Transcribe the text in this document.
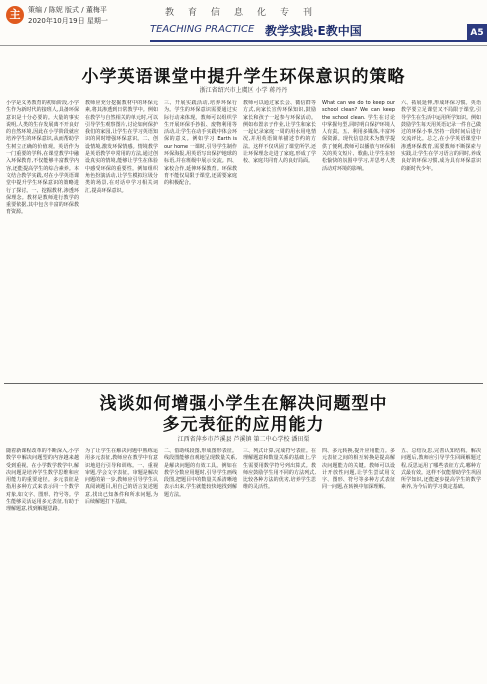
主	策编 / 陈妮 版式 / 董梅平
2020年10月19日 星期一
教育信息化专刊
TEACHING PRACTICE 教学实践·E教中国	A5
小学英语课堂中提升学生环保意识的策略
浙江省绍兴市上虞区 小学 蒋丹丹

小学是义务教育的初始阶段,小学生作为新时代的接班人,具备环保意识是十分必要的。大量的事实说明,人类的生存发展离不开良好的自然环境,因此在小学阶段就应培养学生的环保意识,从而帮助学生树立正确的价值观。英语作为一门重要的学科,在课堂教学中融入环保教育,不仅能够丰富教学内容,还能提高学生的综合素养。本文结合教学实践,对在小学英语课堂中提升学生环保意识的策略进行了探讨。一、挖掘教材,渗透环保理念。教材是教师进行教学的重要依据,其中包含丰富的环保教育资源。

教师应充分挖掘教材中的环保元素,将其渗透到日常教学中。例如在教学与自然相关的单元时,可以引导学生观察图片,讨论如何保护我们的家园,让学生在学习英语知识的同时增强环保意识。二、创设情境,激发环保情感。情境教学是英语教学中常用的方法,通过创设真实的情境,能够让学生在体验中感受环保的重要性。例如组织角色扮演活动,让学生模拟垃圾分类的场景,在对话中学习相关词汇,提高环保意识。

三、开展实践活动,培养环保行为。学生的环保意识需要通过实际行动来体现。教师可以组织学生开展环保手抄报、废物利用等活动,让学生在动手实践中体会环保的意义。例如学习 Earth is our home 一课时,引导学生制作环保海报,用英语写出保护地球的标语,并在班级中展示交流。四、家校合作,延伸环保教育。环保教育不能仅局限于课堂,还需要家庭的积极配合。

教师可以通过家长会、微信群等方式,向家长宣传环保知识,鼓励家长和孩子一起参与环保活动。例如布置亲子作业,让学生和家长一起记录家庭一周的用水用电情况,并用英语简单描述节约的方法。这样不仅巩固了课堂所学,还让环保理念走进了家庭,形成了学校、家庭共同育人的良好局面。

What can we do to keep our school clean? We can keep the school clean. 学生在讨论中掌握句型,同时明白保护环境人人有责。五、利用多媒体,丰富环保资源。现代信息技术为教学提供了便利,教师可以播放与环保相关的英文短片、歌曲,让学生在轻松愉快的氛围中学习,并思考人类活动对环境的影响。

六、拓展延伸,形成环保习惯。英语教学要立足课堂又不局限于课堂,引导学生在生活中运用所学知识。例如鼓励学生每天用英语记录一件自己做过的环保小事,坚持一段时间后进行交流评比。总之,在小学英语课堂中渗透环保教育,需要教师不断探索与实践,让学生在学习语言的同时,养成良好的环保习惯,成为具有环保意识的新时代少年。

浅谈如何增强小学生在解决问题型中
多元表征的应用能力
江西省萍乡市芦溪县 芦溪镇 第二中心学校 潘田栗

随着新课程改革的不断深入,小学数学中解决问题型的内容越来越受到重视。在小学数学教学中,解决问题是培养学生数学思维和应用能力的重要途径。多元表征是指用多种方式来表示同一个数学对象,如文字、图形、符号等。学生能够灵活运用多元表征,有助于理解题意,找到解题思路。

为了让学生在解决问题中熟练运用多元表征,教师应在教学中有意识地进行引导和训练。一、重视审题,学会文字表征。审题是解决问题的第一步,教师应引导学生认真阅读题目,用自己的语言复述题意,找出已知条件和所求问题,为后续解题打下基础。

二、借助线段图,形成图形表征。线段图能够直观地呈现数量关系,是解决问题的有效工具。例如在教学分数应用题时,引导学生画线段图,把题目中的数量关系清晰地表示出来,学生就能较快地找到解题方法。

三、列式计算,完成符号表征。在理解题意和数量关系的基础上,学生需要用数学符号列出算式。教师应鼓励学生用不同的方法列式,比较各种方法的优劣,培养学生思维的灵活性。

四、多元转换,提升应用能力。多元表征之间的相互转换是提高解决问题能力的关键。教师可以设计开放性问题,让学生尝试用文字、图形、符号等多种方式表征同一问题,在转换中加深理解。

五、总结反思,完善认知结构。解决问题后,教师应引导学生回顾解题过程,反思运用了哪些表征方式,哪种方式最有效。这样不仅能帮助学生巩固所学知识,还能逐步提高学生的数学素养,为今后的学习奠定基础。
